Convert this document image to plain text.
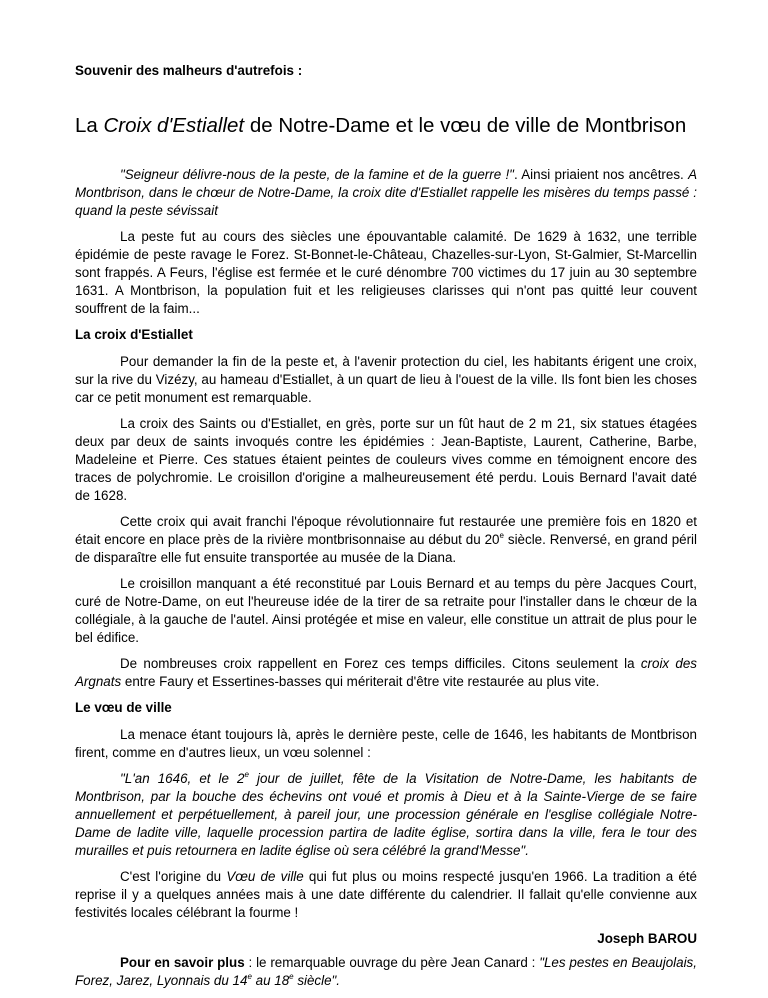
Souvenir des malheurs d'autrefois :

La Croix d'Estiallet de Notre-Dame et le vœu de ville de Montbrison

"Seigneur délivre-nous de la peste, de la famine et de la guerre !". Ainsi priaient nos ancêtres. A Montbrison, dans le chœur de Notre-Dame, la croix dite d'Estiallet rappelle les misères du temps passé : quand la peste sévissait

La peste fut au cours des siècles une épouvantable calamité. De 1629 à 1632, une terrible épidémie de peste ravage le Forez. St-Bonnet-le-Château, Chazelles-sur-Lyon, St-Galmier, St-Marcellin sont frappés. A Feurs, l'église est fermée et le curé dénombre 700 victimes du 17 juin au 30 septembre 1631. A Montbrison, la population fuit et les religieuses clarisses qui n'ont pas quitté leur couvent souffrent de la faim...

La croix d'Estiallet

Pour demander la fin de la peste et, à l'avenir protection du ciel, les habitants érigent une croix, sur la rive du Vizézy, au hameau d'Estiallet, à un quart de lieu à l'ouest de la ville. Ils font bien les choses car ce petit monument est remarquable.

La croix des Saints ou d'Estiallet, en grès, porte sur un fût haut de 2 m 21, six statues étagées deux par deux de saints invoqués contre les épidémies : Jean-Baptiste, Laurent, Catherine, Barbe, Madeleine et Pierre. Ces statues étaient peintes de couleurs vives comme en témoignent encore des traces de polychromie. Le croisillon d'origine a malheureusement été perdu. Louis Bernard l'avait daté de 1628.

Cette croix qui avait franchi l'époque révolutionnaire fut restaurée une première fois en 1820 et était encore en place près de la rivière montbrisonnaise au début du 20e siècle. Renversé, en grand péril de disparaître elle fut ensuite transportée au musée de la Diana.

Le croisillon manquant a été reconstitué par Louis Bernard et au temps du père Jacques Court, curé de Notre-Dame, on eut l'heureuse idée de la tirer de sa retraite pour l'installer dans le chœur de la collégiale, à la gauche de l'autel. Ainsi protégée et mise en valeur, elle constitue un attrait de plus pour le bel édifice.

De nombreuses croix rappellent en Forez ces temps difficiles. Citons seulement la croix des Argnats entre Faury et Essertines-basses qui mériterait d'être vite restaurée au plus vite.

Le vœu de ville

La menace étant toujours là, après le dernière peste, celle de 1646, les habitants de Montbrison firent, comme en d'autres lieux, un vœu solennel :

"L'an 1646, et le 2e jour de juillet, fête de la Visitation de Notre-Dame, les habitants de Montbrison, par la bouche des échevins ont voué et promis à Dieu et à la Sainte-Vierge de se faire annuellement et perpétuellement, à pareil jour, une procession générale en l'esglise collégiale Notre-Dame de ladite ville, laquelle procession partira de ladite église, sortira dans la ville, fera le tour des murailles et puis retournera en ladite église où sera célébré la grand'Messe".

C'est l'origine du Vœu de ville qui fut plus ou moins respecté jusqu'en 1966. La tradition a été reprise il y a quelques années mais à une date différente du calendrier. Il fallait qu'elle convienne aux festivités locales célébrant la fourme !

Joseph BAROU

Pour en savoir plus : le remarquable ouvrage du père Jean Canard : "Les pestes en Beaujolais, Forez, Jarez, Lyonnais du 14e au 18e siècle".
